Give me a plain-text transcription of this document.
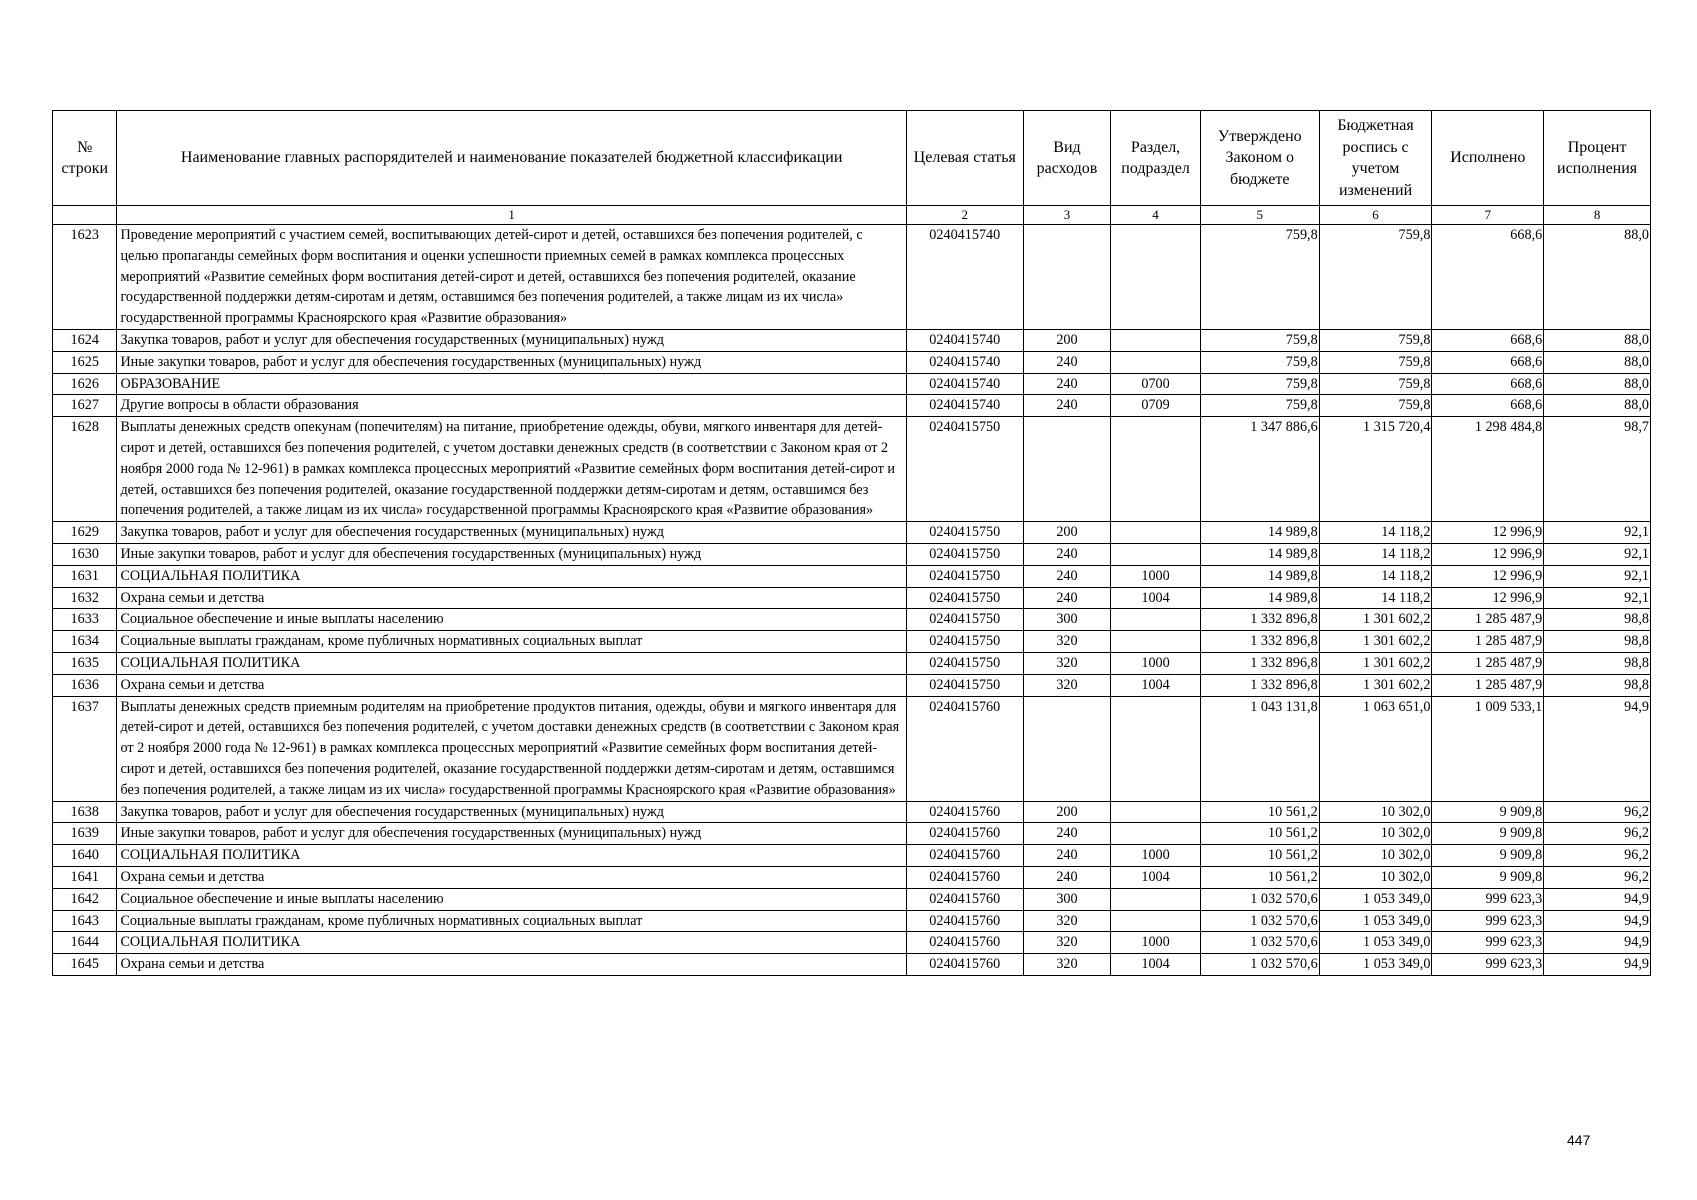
№ строки	Наименование главных распорядителей и наименование показателей бюджетной классификации	Целевая статья	Вид расходов	Раздел, подраздел	Утверждено Законом о бюджете	Бюджетная роспись с учетом изменений	Исполнено	Процент исполнения
	1	2	3	4	5	6	7	8
1623	Проведение мероприятий с участием семей, воспитывающих детей-сирот и детей, оставшихся без попечения родителей, с целью пропаганды семейных форм воспитания и оценки успешности приемных семей в рамках комплекса процессных мероприятий «Развитие семейных форм воспитания детей-сирот и детей, оставшихся без попечения родителей, оказание государственной поддержки детям-сиротам и детям, оставшимся без попечения родителей, а также лицам из их числа» государственной программы Красноярского края «Развитие образования»	0240415740			759,8	759,8	668,6	88,0
1624	Закупка товаров, работ и услуг для обеспечения государственных (муниципальных) нужд	0240415740	200		759,8	759,8	668,6	88,0
1625	Иные закупки товаров, работ и услуг для обеспечения государственных (муниципальных) нужд	0240415740	240		759,8	759,8	668,6	88,0
1626	ОБРАЗОВАНИЕ	0240415740	240	0700	759,8	759,8	668,6	88,0
1627	Другие вопросы в области образования	0240415740	240	0709	759,8	759,8	668,6	88,0
1628	Выплаты денежных средств опекунам (попечителям) на питание, приобретение одежды, обуви, мягкого инвентаря для детей-сирот и детей, оставшихся без попечения родителей, с учетом доставки денежных средств (в соответствии с Законом края от 2 ноября 2000 года № 12-961) в рамках комплекса процессных мероприятий «Развитие семейных форм воспитания детей-сирот и детей, оставшихся без попечения родителей, оказание государственной поддержки детям-сиротам и детям, оставшимся без попечения родителей, а также лицам из их числа» государственной программы Красноярского края «Развитие образования»	0240415750			1 347 886,6	1 315 720,4	1 298 484,8	98,7
1629	Закупка товаров, работ и услуг для обеспечения государственных (муниципальных) нужд	0240415750	200		14 989,8	14 118,2	12 996,9	92,1
1630	Иные закупки товаров, работ и услуг для обеспечения государственных (муниципальных) нужд	0240415750	240		14 989,8	14 118,2	12 996,9	92,1
1631	СОЦИАЛЬНАЯ ПОЛИТИКА	0240415750	240	1000	14 989,8	14 118,2	12 996,9	92,1
1632	Охрана семьи и детства	0240415750	240	1004	14 989,8	14 118,2	12 996,9	92,1
1633	Социальное обеспечение и иные выплаты населению	0240415750	300		1 332 896,8	1 301 602,2	1 285 487,9	98,8
1634	Социальные выплаты гражданам, кроме публичных нормативных социальных выплат	0240415750	320		1 332 896,8	1 301 602,2	1 285 487,9	98,8
1635	СОЦИАЛЬНАЯ ПОЛИТИКА	0240415750	320	1000	1 332 896,8	1 301 602,2	1 285 487,9	98,8
1636	Охрана семьи и детства	0240415750	320	1004	1 332 896,8	1 301 602,2	1 285 487,9	98,8
1637	Выплаты денежных средств приемным родителям на приобретение продуктов питания, одежды, обуви и мягкого инвентаря для детей-сирот и детей, оставшихся без попечения родителей, с учетом доставки денежных средств (в соответствии с Законом края от 2 ноября 2000 года № 12-961) в рамках комплекса процессных мероприятий «Развитие семейных форм воспитания детей-сирот и детей, оставшихся без попечения родителей, оказание государственной поддержки детям-сиротам и детям, оставшимся без попечения родителей, а также лицам из их числа» государственной программы Красноярского края «Развитие образования»	0240415760			1 043 131,8	1 063 651,0	1 009 533,1	94,9
1638	Закупка товаров, работ и услуг для обеспечения государственных (муниципальных) нужд	0240415760	200		10 561,2	10 302,0	9 909,8	96,2
1639	Иные закупки товаров, работ и услуг для обеспечения государственных (муниципальных) нужд	0240415760	240		10 561,2	10 302,0	9 909,8	96,2
1640	СОЦИАЛЬНАЯ ПОЛИТИКА	0240415760	240	1000	10 561,2	10 302,0	9 909,8	96,2
1641	Охрана семьи и детства	0240415760	240	1004	10 561,2	10 302,0	9 909,8	96,2
1642	Социальное обеспечение и иные выплаты населению	0240415760	300		1 032 570,6	1 053 349,0	999 623,3	94,9
1643	Социальные выплаты гражданам, кроме публичных нормативных социальных выплат	0240415760	320		1 032 570,6	1 053 349,0	999 623,3	94,9
1644	СОЦИАЛЬНАЯ ПОЛИТИКА	0240415760	320	1000	1 032 570,6	1 053 349,0	999 623,3	94,9
1645	Охрана семьи и детства	0240415760	320	1004	1 032 570,6	1 053 349,0	999 623,3	94,9
447
